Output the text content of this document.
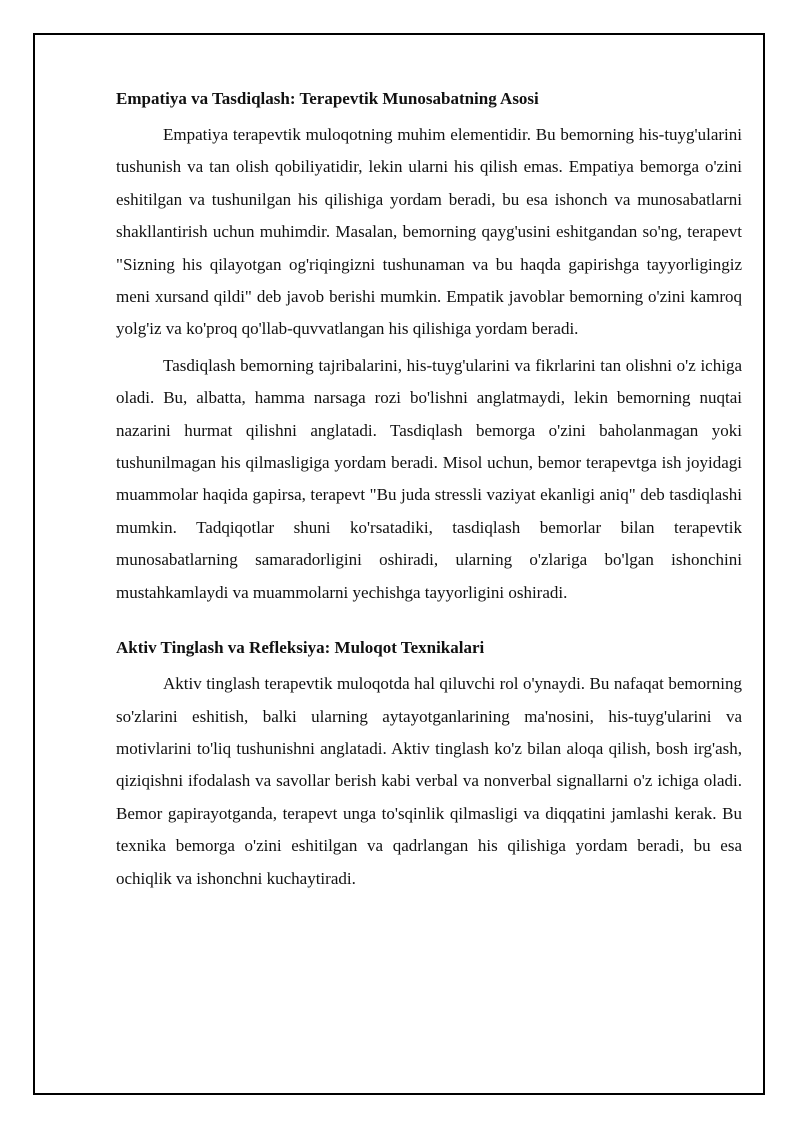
Empatiya va Tasdiqlash: Terapevtik Munosabatning Asosi

Empatiya terapevtik muloqotning muhim elementidir. Bu bemorning his-tuyg'ularini tushunish va tan olish qobiliyatidir, lekin ularni his qilish emas. Empatiya bemorga o'zini eshitilgan va tushunilgan his qilishiga yordam beradi, bu esa ishonch va munosabatlarni shakllantirish uchun muhimdir. Masalan, bemorning qayg'usini eshitgandan so'ng, terapevt "Sizning his qilayotgan og'riqingizni tushunaman va bu haqda gapirishga tayyorligingiz meni xursand qildi" deb javob berishi mumkin. Empatik javoblar bemorning o'zini kamroq yolg'iz va ko'proq qo'llab-quvvatlangan his qilishiga yordam beradi.

Tasdiqlash bemorning tajribalarini, his-tuyg'ularini va fikrlarini tan olishni o'z ichiga oladi. Bu, albatta, hamma narsaga rozi bo'lishni anglatmaydi, lekin bemorning nuqtai nazarini hurmat qilishni anglatadi. Tasdiqlash bemorga o'zini baholanmagan yoki tushunilmagan his qilmasligiga yordam beradi. Misol uchun, bemor terapevtga ish joyidagi muammolar haqida gapirsa, terapevt "Bu juda stressli vaziyat ekanligi aniq" deb tasdiqlashi mumkin. Tadqiqotlar shuni ko'rsatadiki, tasdiqlash bemorlar bilan terapevtik munosabatlarning samaradorligini oshiradi, ularning o'zlariga bo'lgan ishonchini mustahkamlaydi va muammolarni yechishga tayyorligini oshiradi.

Aktiv Tinglash va Refleksiya: Muloqot Texnikalari

Aktiv tinglash terapevtik muloqotda hal qiluvchi rol o'ynaydi. Bu nafaqat bemorning so'zlarini eshitish, balki ularning aytayotganlarining ma'nosini, his-tuyg'ularini va motivlarini to'liq tushunishni anglatadi. Aktiv tinglash ko'z bilan aloqa qilish, bosh irg'ash, qiziqishni ifodalash va savollar berish kabi verbal va nonverbal signallarni o'z ichiga oladi. Bemor gapirayotganda, terapevt unga to'sqinlik qilmasligi va diqqatini jamlashi kerak. Bu texnika bemorga o'zini eshitilgan va qadrlangan his qilishiga yordam beradi, bu esa ochiqlik va ishonchni kuchaytiradi.
